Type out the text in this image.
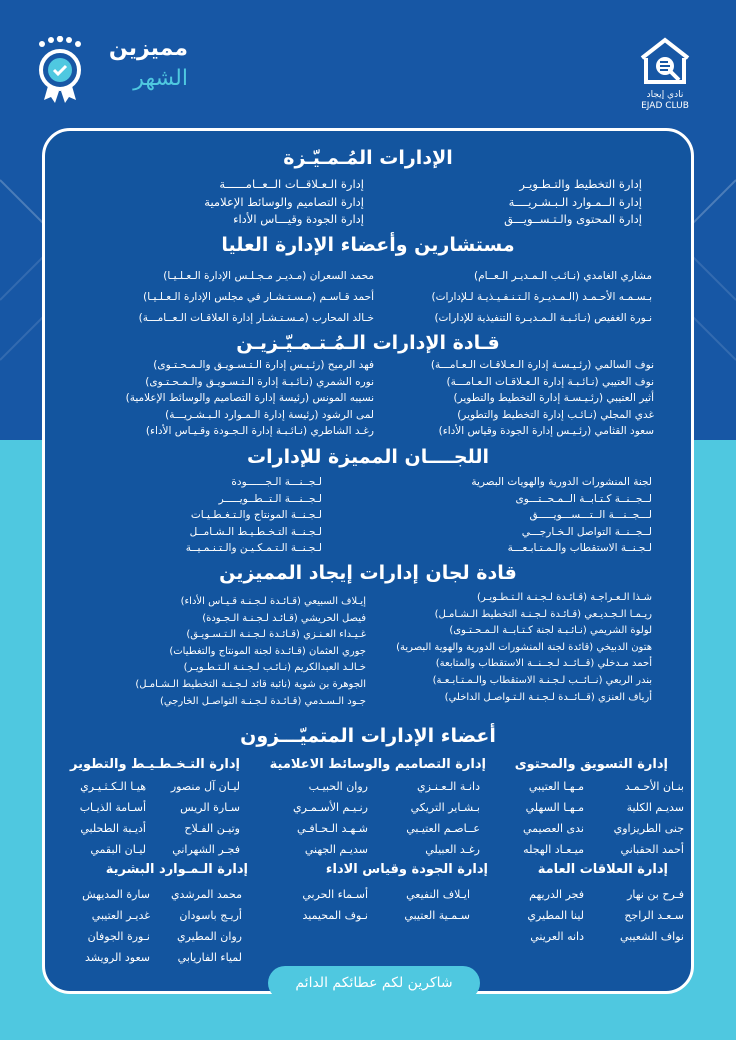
مميزين
الشهر
نادي إيجاد
EJAD CLUB
الإدارات المُـمـيّـزة
إدارة التخطيط والتـطـويـر
إدارة الــمـوارد الـبـشـريــــة
إدارة المحتوى والـتـســويـــق
إدارة الـعـلاقــات الــعــامــــــة
إدارة التصاميم والوسائط الإعلامية
إدارة الجودة وقيـــاس الأداء
مستشارين وأعضاء الإدارة العليا
مشاري الغامدي (نـائـب الـمـديـر الـعــام)
بـسـمـه الأحـمـد (الـمـديـرة الـتـنـفـيـذيـة لـلإدارات)
نـورة الغفيص (نـائـبـة الـمـديـرة التنفيذية للإدارات)
محمد السعران (مـديـر مـجـلـس الإدارة الـعـلـيـا)
أحمد قـاسـم (مـسـتـشـار في مجلس الإدارة الـعـلـيـا)
خـالد المحارب (مـسـتـشـار إدارة العلاقـات الـعــامـــة)
قـادة الإدارات الـمُـتـمـيّـزيـن
نوف السالمي (رئـيـسـة إدارة الـعـلاقـات الـعـامـــة)
نوف العتيبي (نـائـبـة إدارة الـعـلاقـات الـعـامـــة)
أثير العتيبي (رئـيـسـة إدارة التخطيط والتطوير)
غدي المجلي (نـائـب إدارة التخطيط والتطوير)
سعود القثامي (رئـيـس إدارة الجودة وقياس الأداء)
فهد الرميح (رئـيـس إدارة الـتـسـويـق والـمـحـتـوى)
نوره الشمري (نـائـبـة إدارة الـتـسـويـق والـمـحـتـوى)
نسيبه المونس (رئيسة إدارة التصاميم والوسائط الإعلامية)
لمى الرشود (رئيسة إدارة الـمـوارد الـبـشـريـــة)
رغـد الشاطري (نـائـبـة إدارة الـجـودة وقـيـاس الأداء)
اللجــــان المميزة للإدارات
لجنة المنشورات الدورية والهويات البصرية
لــجــنــة كـتـابــة الــمـحــتـــوى
لـــجــنـــة الــتـــســـويـــــق
لــجــنــة التواصل الـخـارجـــي
لـجـنــة الاستقطاب والـمـتـابـعـــة
لـجــنـــة الـجــــــودة
لـجــنـــة الـتــطــويـــــر
لـجـنــة المونتاج والـتـغـطـيـات
لـجـنــة التـخـطـيـط الـشـامــل
لـجـنــة الـتـمـكـيـن والـتـنـمـيــة
قادة لجان إدارات إيجاد المميزين
شـذا الـعـراجـة (قـائـدة لـجـنـة الـتـطـويـر)
ريـمـا الـجـديـعي (قـائـدة لـجـنـة التخطيط الـشـامـل)
لولوة الشريمي (نـائـبـة لجنة كـتـابــة الـمـحـتـوى)
هتون الدبيخي (قائدة لجنة المنشورات الدورية والهوية البصرية)
أحمد مـدخلي (قــائــد لـجــنــة الاستقطاب والمتابعة)
بندر الربعي (نــائــب لـجـنـة الاستقطاب والـمـتـابـعـة)
أرياف العنزي (قــائــدة لـجـنـة الـتـواصـل الداخلي)
إيـلاف السبيعي (قـائـدة لـجـنـة قـيـاس الأداء)
فيصل الحريشي (قـائـد لـجـنـة الـجـودة)
غـيـداء العـنـزي (قـائـدة لـجـنـة الـتـسـويـق)
جوري العثمان (قـائـدة لجنة المونتاج والتغطيات)
خـالـد العبدالكريم (نـائـب لـجـنـة الـتـطـويـر)
الجوهرة بن شوية (نائبة قائد لـجـنـة التخطيط الـشـامـل)
جـود الـسـدمي (قـائـدة لـجـنـة التواصـل الخارجي)
أعضاء الإدارات المتميّـــزون
إدارة التسويق والمحتوى
بنـان الأحـمـد
سديـم الكلية
جنى الطريزاوي
أحمد الحقباني
مـهـا العتيبي
مـهـا السهلي
ندى العصيمي
ميـعـاد الهجله
إدارة التصاميم والوسائط الاعلامية
دانـة الـعـنـزي
بـشـاير التريكي
عــاصـم العتيـبي
رغـد العبيلي
روان الحبيـب
رنـيـم الأسـمـري
شـهـد الـحـافـي
سديـم الجهني
إدارة التـخـطـيـط والتطوير
ليـان آل منصور
سـارة الريس
وتيـن الفـلاح
فجـر الشهراني
هيـا الـكـثـيـري
أسـامة الذيـاب
أديـبة الطحلبي
ليـان البقمي
إدارة العلاقات العامة
فـرح بن نهار
سـعـد الراجح
نواف الشعيبي
فجر الدريهم
لينا المطيري
دانه العريني
إدارة الجودة وقياس الاداء
ايـلاف النفيعي
سـمـية العتيبي
أسـماء الحربي
نـوف المحيميد
إدارة الـمـوارد البشرية
محمد المرشدي
أريـج باسودان
روان المطيري
لمياء الفاريابي
سارة المديهش
غديـر العتيبي
نـورة الجوفان
سعود الرويشد
شاكرين لكم عطائكم الدائم
